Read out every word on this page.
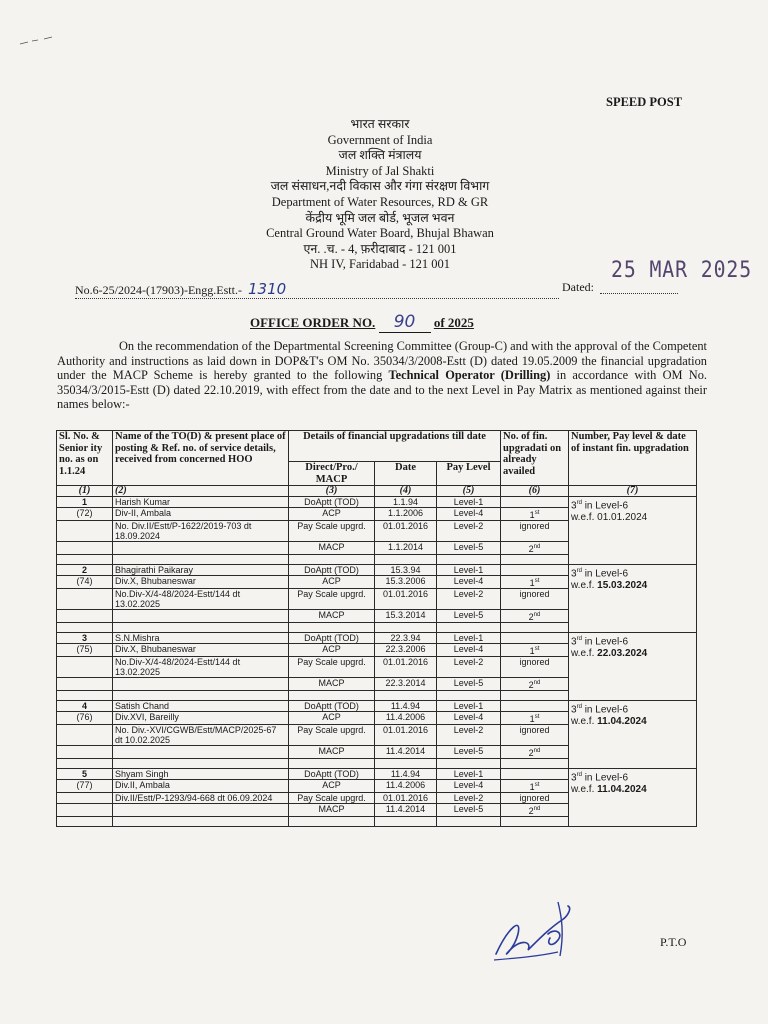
SPEED POST
भारत सरकार
Government of India
जल शक्ति मंत्रालय
Ministry of Jal Shakti
जल संसाधन,नदी विकास और गंगा संरक्षण विभाग
Department of Water Resources, RD & GR
केंद्रीय भूमि जल बोर्ड, भूजल भवन
Central Ground Water Board, Bhujal Bhawan
एन. .च. - 4, फ़रीदाबाद - 121 001
NH IV, Faridabad - 121 001
No.6-25/2024-(17903)-Engg.Estt.- 1310	Dated:
25 MAR 2025
OFFICE ORDER NO. 90 of 2025
On the recommendation of the Departmental Screening Committee (Group-C) and with the approval of the Competent Authority and instructions as laid down in DOP&T's OM No. 35034/3/2008-Estt (D) dated 19.05.2009 the financial upgradation under the MACP Scheme is hereby granted to the following Technical Operator (Drilling) in accordance with OM No. 35034/3/2015-Estt (D) dated 22.10.2019, with effect from the date and to the next Level in Pay Matrix as mentioned against their names below:-
Sl. No. & Senior ity no. as on 1.1.24	Name of the TO(D) & present place of posting & Ref. no. of service details, received from concerned HOO	Details of financial upgradations till date			No. of fin. upgradati on already availed	Number, Pay level & date of instant fin. upgradation
		Direct/Pro./ MACP	Date	Pay Level		
(1)	(2)	(3)	(4)	(5)	(6)	(7)
1	Harish Kumar	DoAptt (TOD)	1.1.94	Level-1		3rd in Level-6
w.e.f. 01.01.2024
(72)	Div-II, Ambala	ACP	1.1.2006	Level-4	1st
	No. Div.II/Estt/P-1622/2019-703 dt 18.09.2024	Pay Scale upgrd.	01.01.2016	Level-2	ignored	
		MACP	1.1.2014	Level-5	2nd

2	Bhagirathi Paikaray	DoAptt (TOD)	15.3.94	Level-1		3rd in Level-6
w.e.f. 15.03.2024
(74)	Div.X, Bhubaneswar	ACP	15.3.2006	Level-4	1st
	No.Div-X/4-48/2024-Estt/144 dt 13.02.2025	Pay Scale upgrd.	01.01.2016	Level-2	ignored	
		MACP	15.3.2014	Level-5	2nd

3	S.N.Mishra	DoAptt (TOD)	22.3.94	Level-1		3rd in Level-6
w.e.f. 22.03.2024
(75)	Div.X, Bhubaneswar	ACP	22.3.2006	Level-4	1st
	No.Div-X/4-48/2024-Estt/144 dt 13.02.2025	Pay Scale upgrd.	01.01.2016	Level-2	ignored	
		MACP	22.3.2014	Level-5	2nd

4	Satish Chand	DoAptt (TOD)	11.4.94	Level-1		3rd in Level-6
w.e.f. 11.04.2024
(76)	Div.XVI, Bareilly	ACP	11.4.2006	Level-4	1st
	No. Div.-XVI/CGWB/Estt/MACP/2025-67 dt 10.02.2025	Pay Scale upgrd.	01.01.2016	Level-2	ignored	
		MACP	11.4.2014	Level-5	2nd

5	Shyam Singh	DoAptt (TOD)	11.4.94	Level-1		3rd in Level-6
w.e.f. 11.04.2024
(77)	Div.II, Ambala	ACP	11.4.2006	Level-4	1st
	Div.II/Estt/P-1293/94-668 dt 06.09.2024	Pay Scale upgrd.	01.01.2016	Level-2	ignored	
		MACP	11.4.2014	Level-5	2nd

P.T.O
